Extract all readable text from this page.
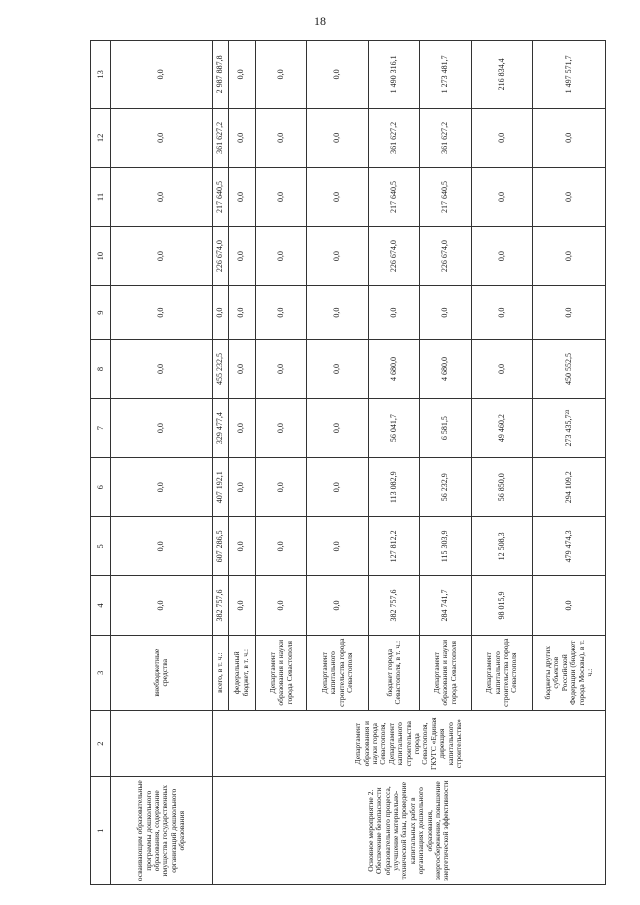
18
1	2	3	4	5	6	7	8	9	10	11	12	13
осваивающим образовательные программы дошкольного образования, содержание имущества государственных организаций дошкольного образования		внебюджетные средства	0,0	0,0	0,0	0,0	0,0	0,0	0,0	0,0	0,0	0,0
Основное мероприятие 2. Обеспечение безопасности образовательного процесса, улучшение материально-технической базы, проведение капитальных работ в организациях дошкольного образования, энергосбережение, повышение энергетической эффективности	Департамент образования и науки города Севастополя, Департамент капитального строительства города Севастополя, ГКУГС «Единая дирекция капитального строительства»	всего, в т. ч.:	382 757,6	607 286,5	407 192,1	329 477,4	455 232,5	0,0	226 674,0	217 640,5	361 627,2	2 987 887,8
		федеральный бюджет, в т. ч.:	0,0	0,0	0,0	0,0	0,0	0,0	0,0	0,0	0,0	0,0
		Департамент образования и науки города Севастополя	0,0	0,0	0,0	0,0	0,0	0,0	0,0	0,0	0,0	0,0
		Департамент капитального строительства города Севастополя	0,0	0,0	0,0	0,0	0,0	0,0	0,0	0,0	0,0	0,0
		бюджет города Севастополя, в т. ч.:	382 757,6	127 812,2	113 082,9	56 041,7	4 680,0	0,0	226 674,0	217 640,5	361 627,2	1 490 316,1
		Департамент образования и науки города Севастополя	284 741,7	115 303,9	56 232,9	6 581,5	4 680,0	0,0	226 674,0	217 640,5	361 627,2	1 273 481,7
		Департамент капитального строительства города Севастополя	98 015,9	12 508,3	56 850,0	49 460,2	0,0	0,0	0,0	0,0	0,0	216 834,4
		бюджеты других субъектов Российской Федерации (бюджет города Москвы), в т. ч.:	0,0	479 474,3	294 109,2	273 435,7²³	450 552,5	0,0	0,0	0,0	0,0	1 497 571,7
